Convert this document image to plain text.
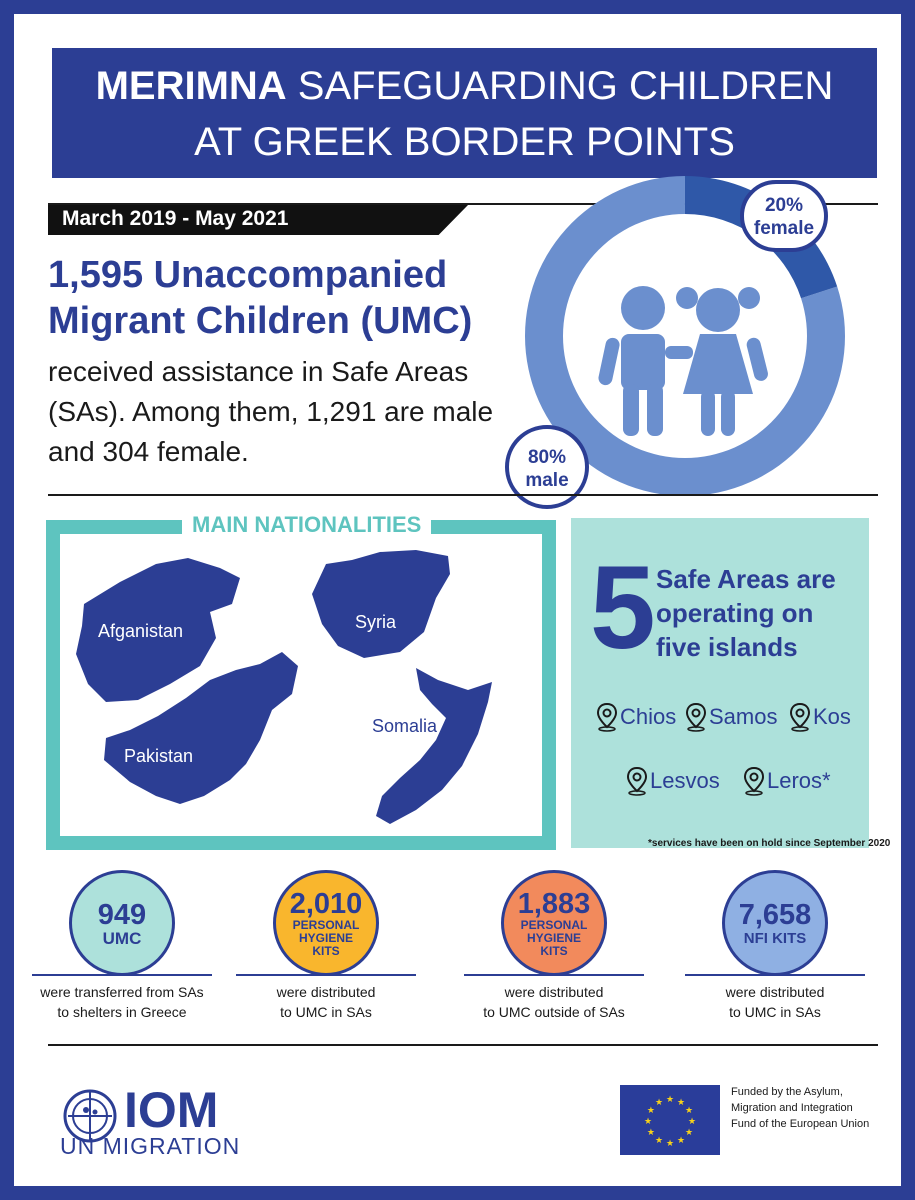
MERIMNA SAFEGUARDING CHILDREN
AT GREEK BORDER POINTS
March 2019 - May 2021
1,595 Unaccompanied
Migrant Children (UMC)
received assistance in Safe Areas (SAs). Among them, 1,291 are male and 304 female.
20%
female
80%
male
MAIN NATIONALITIES
Afganistan	Syria
Pakistan
Somalia
5 Safe Areas are
operating on
five islands
Chios Samos Kos
Lesvos Leros*
*services have been on hold since September 2020
949
UMC
were transferred from SAs
to shelters in Greece
2,010
PERSONAL HYGIENE KITS
were distributed
to UMC in SAs
1,883
PERSONAL HYGIENE KITS
were distributed
to UMC outside of SAs
7,658
NFI KITS
were distributed
to UMC in SAs
IOM
UN MIGRATION
★ ★
★
★
★
★
★
★
★
★
★
★
Funded by the Asylum, Migration and Integration Fund of the European Union
